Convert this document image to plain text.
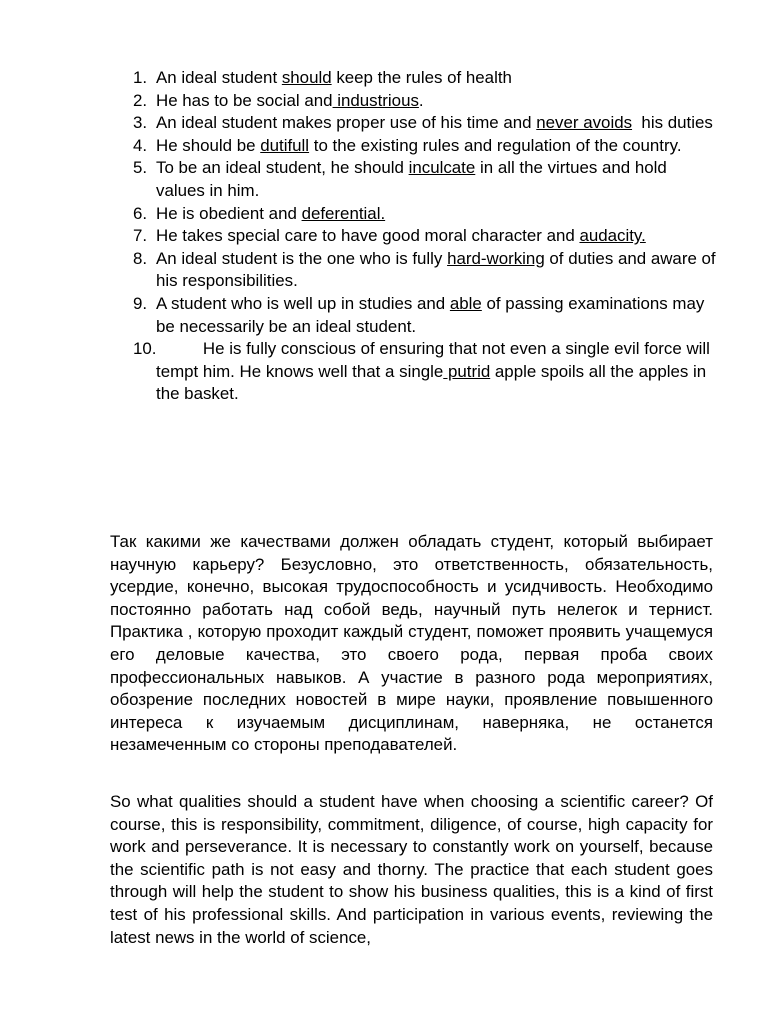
1. An ideal student should keep the rules of health
2. He has to be social and industrious.
3. An ideal student makes proper use of his time and never avoids  his duties
4. He should be dutifull to the existing rules and regulation of the country.
5. To be an ideal student, he should inculcate in all the virtues and hold values in him.
6. He is obedient and deferential.
7. He takes special care to have good moral character and audacity.
8. An ideal student is the one who is fully hard-working of duties and aware of his responsibilities.
9. A student who is well up in studies and able of passing examinations may be necessarily be an ideal student.
10. He is fully conscious of ensuring that not even a single evil force will tempt him. He knows well that a single putrid apple spoils all the apples in the basket.

Так какими же качествами должен обладать студент, который выбирает научную карьеру? Безусловно, это ответственность, обязательность, усердие, конечно, высокая трудоспособность и усидчивость. Необходимо постоянно работать над собой ведь, научный путь нелегок и тернист. Практика , которую проходит каждый студент, поможет проявить учащемуся его деловые качества, это своего рода, первая проба своих профессиональных навыков. А участие в разного рода мероприятиях, обозрение последних новостей в мире науки, проявление повышенного интереса к изучаемым дисциплинам, наверняка, не останется незамеченным со стороны преподавателей.

So what qualities should a student have when choosing a scientific career? Of course, this is responsibility, commitment, diligence, of course, high capacity for work and perseverance. It is necessary to constantly work on yourself, because the scientific path is not easy and thorny. The practice that each student goes through will help the student to show his business qualities, this is a kind of first test of his professional skills. And participation in various events, reviewing the latest news in the world of science,
